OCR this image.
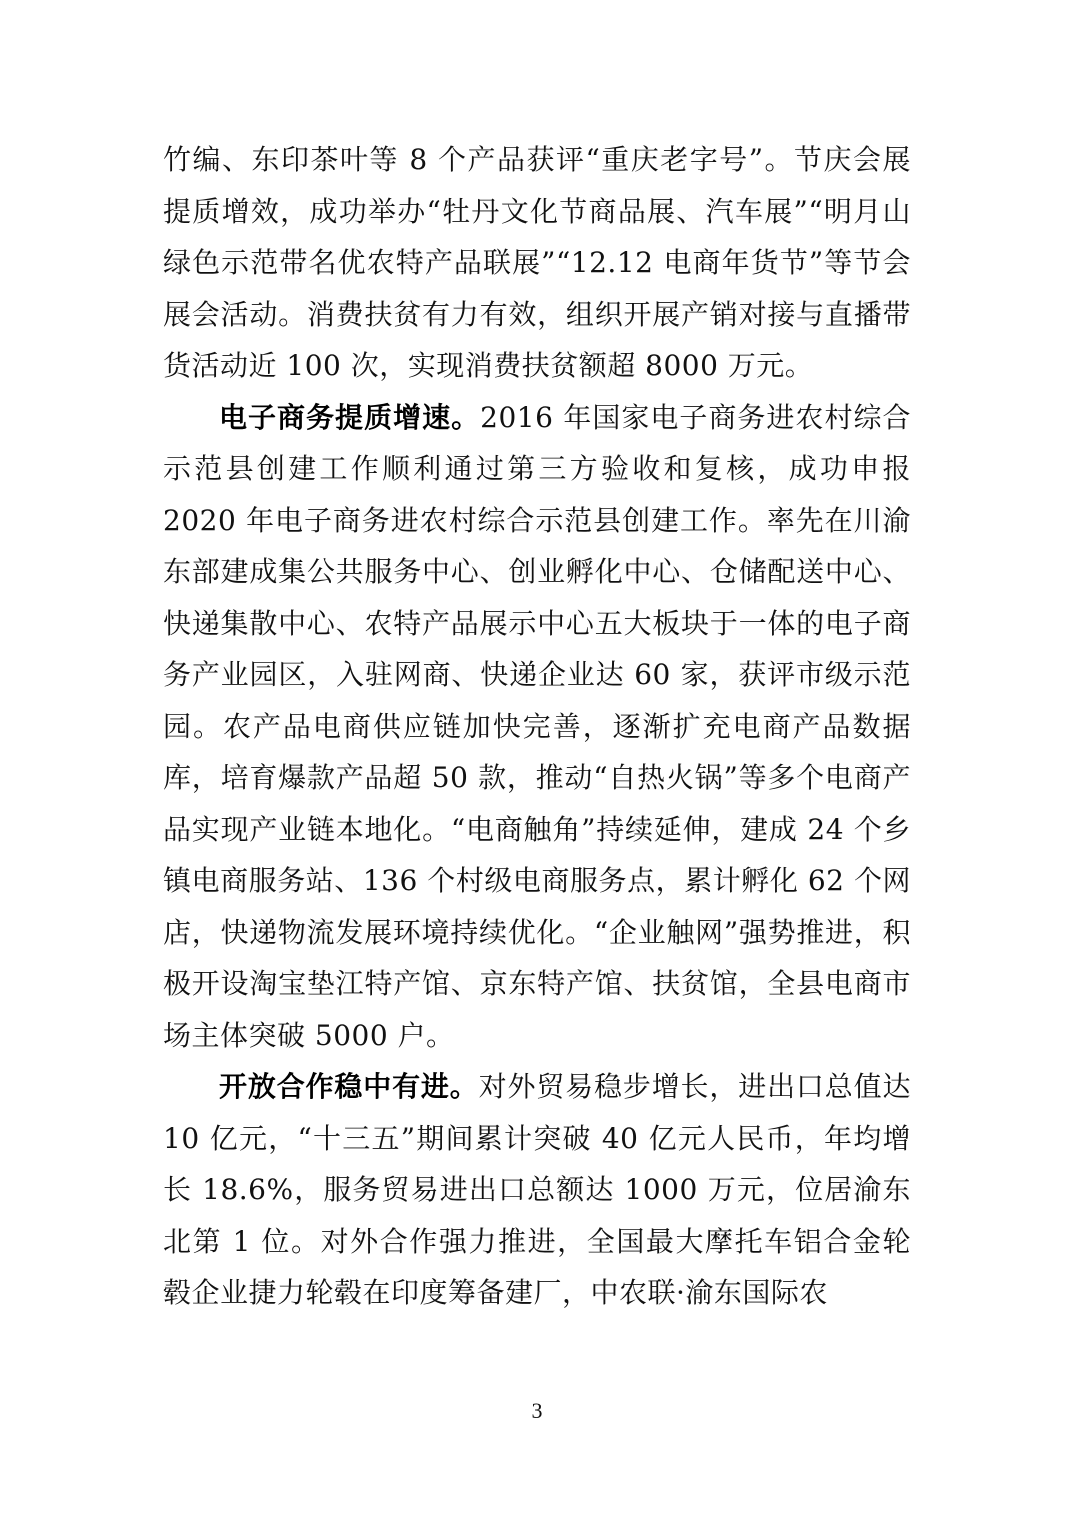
竹编、东印茶叶等 8 个产品获评“重庆老字号”。节庆会展提质增效，成功举办“牡丹文化节商品展、汽车展”“明月山绿色示范带名优农特产品联展”“12.12 电商年货节”等节会展会活动。消费扶贫有力有效，组织开展产销对接与直播带货活动近 100 次，实现消费扶贫额超 8000 万元。

电子商务提质增速。2016 年国家电子商务进农村综合示范县创建工作顺利通过第三方验收和复核，成功申报 2020 年电子商务进农村综合示范县创建工作。率先在川渝东部建成集公共服务中心、创业孵化中心、仓储配送中心、快递集散中心、农特产品展示中心五大板块于一体的电子商务产业园区，入驻网商、快递企业达 60 家，获评市级示范园。农产品电商供应链加快完善，逐渐扩充电商产品数据库，培育爆款产品超 50 款，推动“自热火锅”等多个电商产品实现产业链本地化。“电商触角”持续延伸，建成 24 个乡镇电商服务站、136 个村级电商服务点，累计孵化 62 个网店，快递物流发展环境持续优化。“企业触网”强势推进，积极开设淘宝垫江特产馆、京东特产馆、扶贫馆，全县电商市场主体突破 5000 户。

开放合作稳中有进。对外贸易稳步增长，进出口总值达 10 亿元，“十三五”期间累计突破 40 亿元人民币，年均增长 18.6%，服务贸易进出口总额达 1000 万元，位居渝东北第 1 位。对外合作强力推进，全国最大摩托车铝合金轮毂企业捷力轮毂在印度筹备建厂，中农联·渝东国际农

3
